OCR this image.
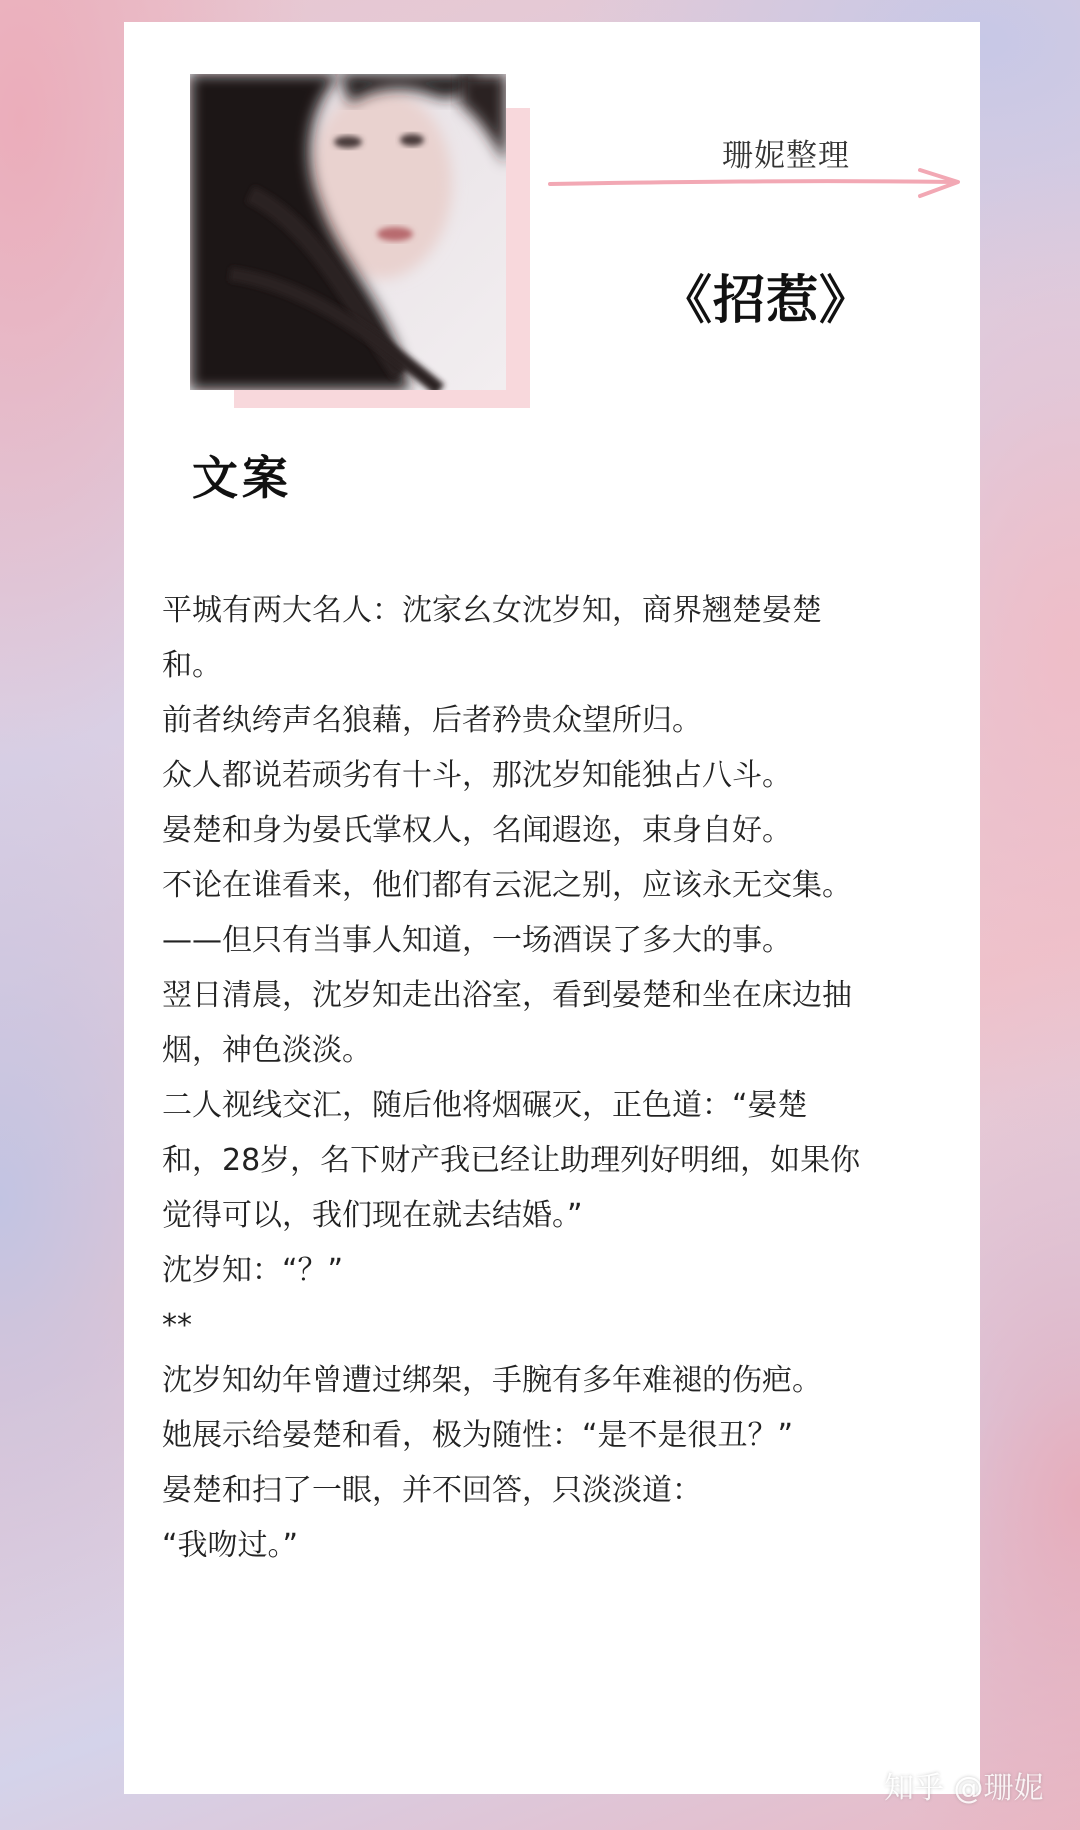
珊妮整理
《招惹》
文案
平城有两大名人：沈家幺女沈岁知，商界翘楚晏楚
和。
前者纨绔声名狼藉，后者矜贵众望所归。
众人都说若顽劣有十斗，那沈岁知能独占八斗。
晏楚和身为晏氏掌权人，名闻遐迩，束身自好。
不论在谁看来，他们都有云泥之别，应该永无交集。
——但只有当事人知道，一场酒误了多大的事。
翌日清晨，沈岁知走出浴室，看到晏楚和坐在床边抽
烟，神色淡淡。
二人视线交汇，随后他将烟碾灭，正色道：“晏楚
和，28岁，名下财产我已经让助理列好明细，如果你
觉得可以，我们现在就去结婚。”
沈岁知：“？”
**
沈岁知幼年曾遭过绑架，手腕有多年难褪的伤疤。
她展示给晏楚和看，极为随性：“是不是很丑？”
晏楚和扫了一眼，并不回答，只淡淡道：
“我吻过。”
知乎 @珊妮
